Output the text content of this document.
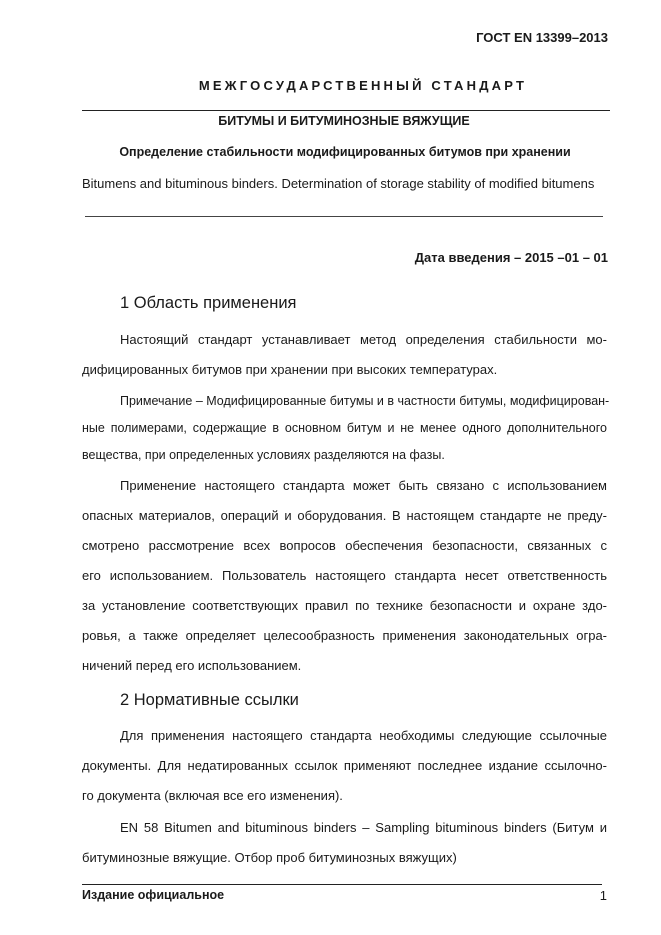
ГОСТ EN 13399–2013
МЕЖГОСУДАРСТВЕННЫЙ СТАНДАРТ
БИТУМЫ И БИТУМИНОЗНЫЕ ВЯЖУЩИЕ
Определение стабильности модифицированных битумов при хранении
Bitumens and bituminous binders. Determination of storage stability of modified bitumens
Дата введения – 2015 –01 – 01
1 Область применения
Настоящий стандарт устанавливает метод определения стабильности мо-
дифицированных битумов при хранении при высоких температурах.
Примечание – Модифицированные битумы и в частности битумы, модифицирован-
ные полимерами, содержащие в основном битум и не менее одного дополнительного
вещества, при определенных условиях разделяются на фазы.
Применение настоящего стандарта может быть связано с использованием
опасных материалов, операций и оборудования. В настоящем стандарте не преду-
смотрено рассмотрение всех вопросов обеспечения безопасности, связанных с
его использованием. Пользователь настоящего стандарта несет ответственность
за установление соответствующих правил по технике безопасности и охране здо-
ровья, а также определяет целесообразность применения законодательных огра-
ничений перед его использованием.
2 Нормативные ссылки
Для применения настоящего стандарта необходимы следующие ссылочные
документы. Для недатированных ссылок применяют последнее издание ссылочно-
го документа (включая все его изменения).
EN 58 Bitumen and bituminous binders – Sampling bituminous binders (Битум и
битуминозные вяжущие. Отбор проб битуминозных вяжущих)
Издание официальное	1
